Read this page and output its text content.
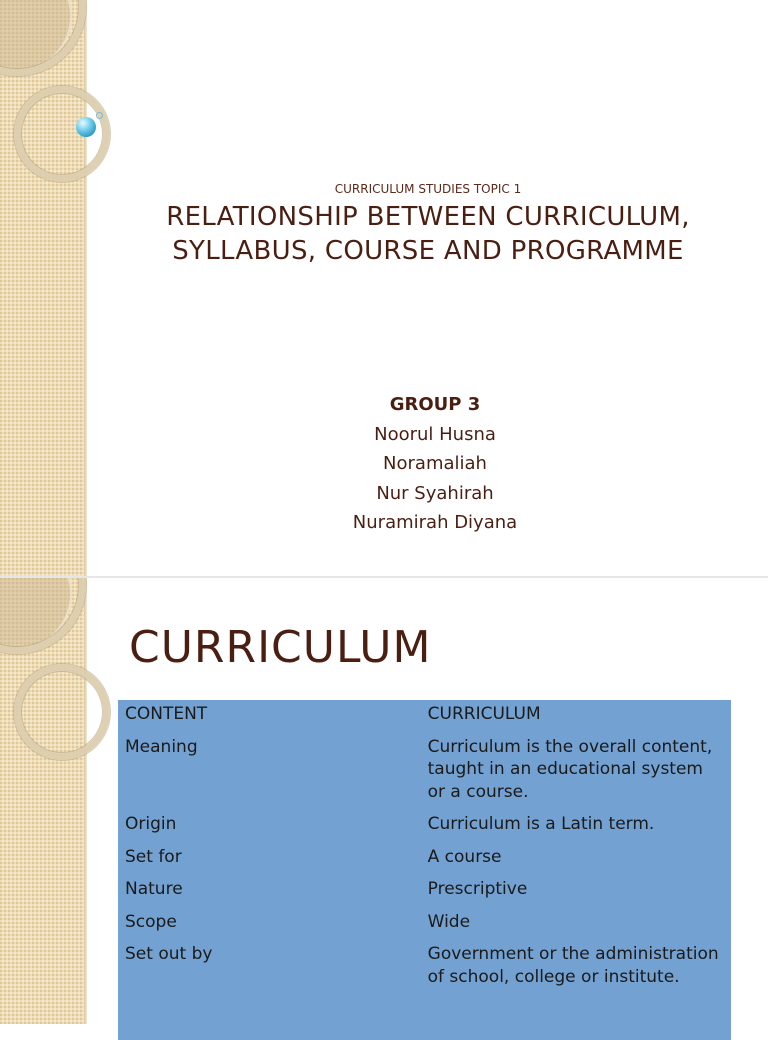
CURRICULUM STUDIES TOPIC 1
RELATIONSHIP BETWEEN CURRICULUM,
SYLLABUS, COURSE AND PROGRAMME
GROUP 3
Noorul Husna
Noramaliah
Nur Syahirah
Nuramirah Diyana
CURRICULUM
CONTENT	CURRICULUM
Meaning	Curriculum is the overall content, taught in an educational system or a course.
Origin	Curriculum is a Latin term.
Set for	A course
Nature	Prescriptive
Scope	Wide
Set out by	Government or the administration of school, college or institute.
